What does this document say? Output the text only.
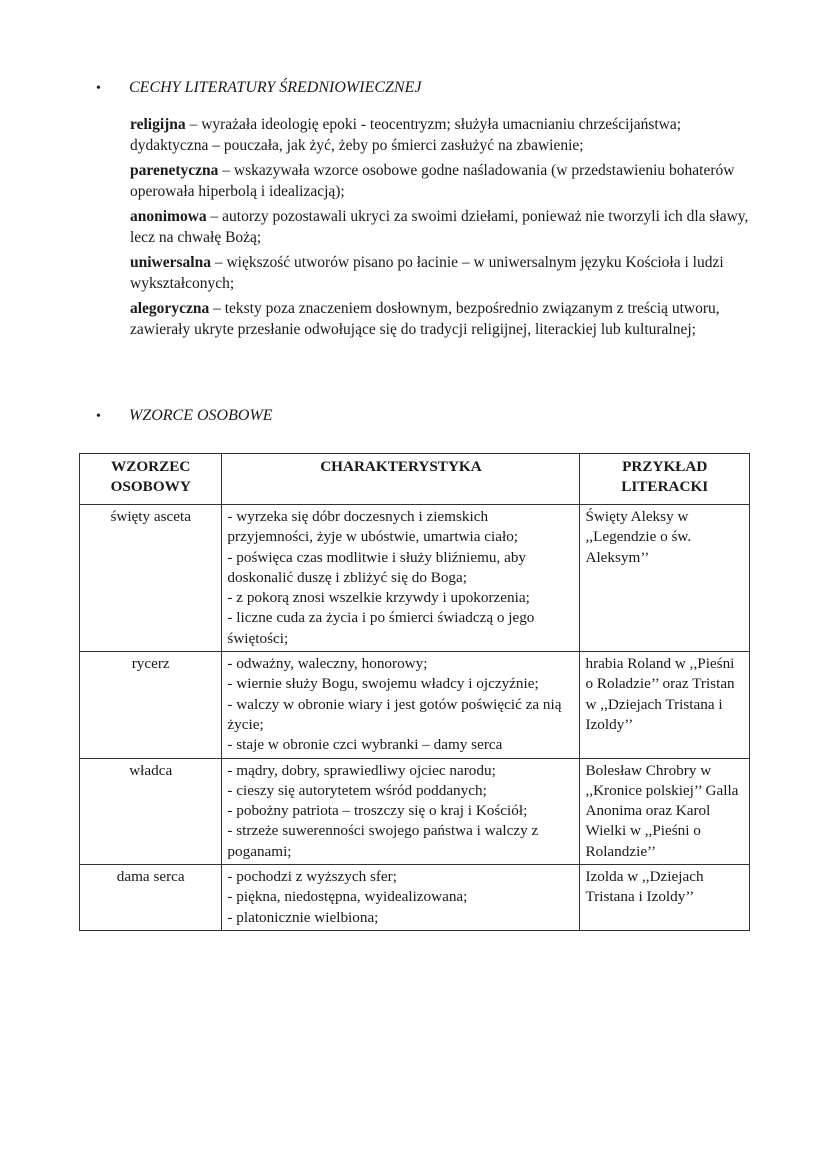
•	CECHY LITERATURY ŚREDNIOWIECZNEJ
religijna – wyrażała ideologię epoki - teocentryzm; służyła umacnianiu chrześcijaństwa;
dydaktyczna – pouczała, jak żyć, żeby po śmierci zasłużyć na zbawienie;
parenetyczna – wskazywała wzorce osobowe godne naśladowania (w przedstawieniu bohaterów operowała hiperbolą i idealizacją);
anonimowa – autorzy pozostawali ukryci za swoimi dziełami, ponieważ nie tworzyli ich dla sławy, lecz na chwałę Bożą;
uniwersalna – większość utworów pisano po łacinie – w uniwersalnym języku Kościoła i ludzi wykształconych;
alegoryczna – teksty poza znaczeniem dosłownym, bezpośrednio związanym z treścią utworu, zawierały ukryte przesłanie odwołujące się do tradycji religijnej, literackiej lub kulturalnej;
•	WZORCE OSOBOWE
WZORZEC
OSOBOWY	CHARAKTERYSTYKA	PRZYKŁAD
LITERACKI
święty asceta	- wyrzeka się dóbr doczesnych i ziemskich przyjemności, żyje w ubóstwie, umartwia ciało;
- poświęca czas modlitwie i służy bliźniemu, aby doskonalić duszę i zbliżyć się do Boga;
- z pokorą znosi wszelkie krzywdy i upokorzenia;
- liczne cuda za życia i po śmierci świadczą o jego świętości;	Święty Aleksy w ,,Legendzie o św. Aleksym’’
rycerz	- odważny, waleczny, honorowy;
- wiernie służy Bogu, swojemu władcy i ojczyźnie;
- walczy w obronie wiary i jest gotów poświęcić za nią życie;
- staje w obronie czci wybranki – damy serca	hrabia Roland w ,,Pieśni o Roladzie’’ oraz Tristan w ,,Dziejach Tristana i Izoldy’’
władca	- mądry, dobry, sprawiedliwy ojciec narodu;
- cieszy się autorytetem wśród poddanych;
- pobożny patriota – troszczy się o kraj i Kościół;
- strzeże suwerenności swojego państwa i walczy z poganami;	Bolesław Chrobry w ,,Kronice polskiej’’ Galla Anonima oraz Karol Wielki w ,,Pieśni o Rolandzie’’
dama serca	- pochodzi z wyższych sfer;
- piękna, niedostępna, wyidealizowana;
- platonicznie wielbiona;	Izolda w ,,Dziejach Tristana i Izoldy’’
